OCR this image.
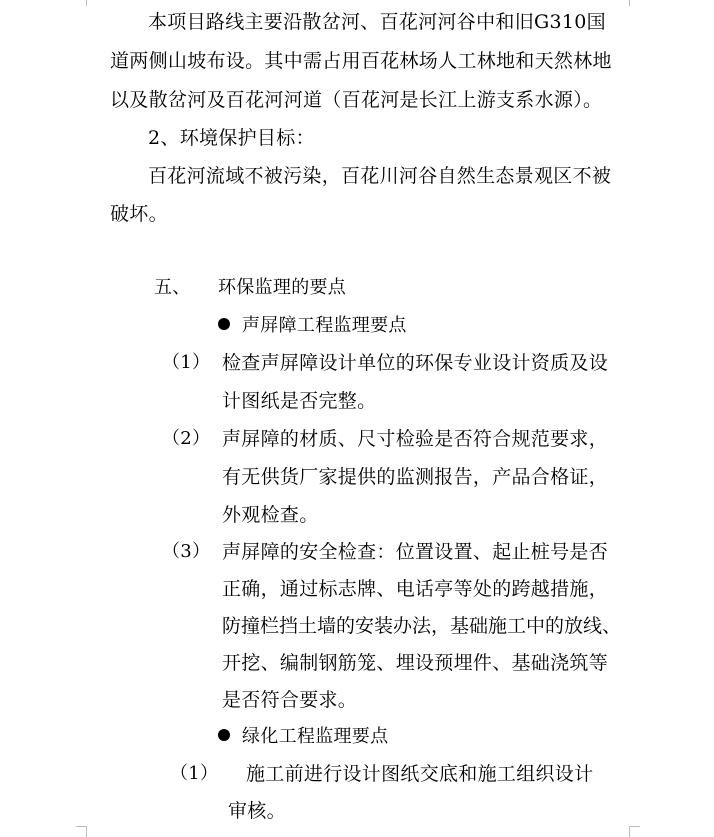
本项目路线主要沿散岔河、百花河河谷中和旧G310国
道两侧山坡布设。其中需占用百花林场人工林地和天然林地
以及散岔河及百花河河道（百花河是长江上游支系水源）。
2、环境保护目标：
百花河流域不被污染，百花川河谷自然生态景观区不被
破坏。
五、 环保监理的要点
声屏障工程监理要点
（1） 检查声屏障设计单位的环保专业设计资质及设
计图纸是否完整。
（2） 声屏障的材质、尺寸检验是否符合规范要求，
有无供货厂家提供的监测报告，产品合格证，
外观检查。
（3） 声屏障的安全检查：位置设置、起止桩号是否
正确，通过标志牌、电话亭等处的跨越措施，
防撞栏挡土墙的安装办法，基础施工中的放线、
开挖、编制钢筋笼、埋设预埋件、基础浇筑等
是否符合要求。
绿化工程监理要点
（1） 施工前进行设计图纸交底和施工组织设计
审核。
